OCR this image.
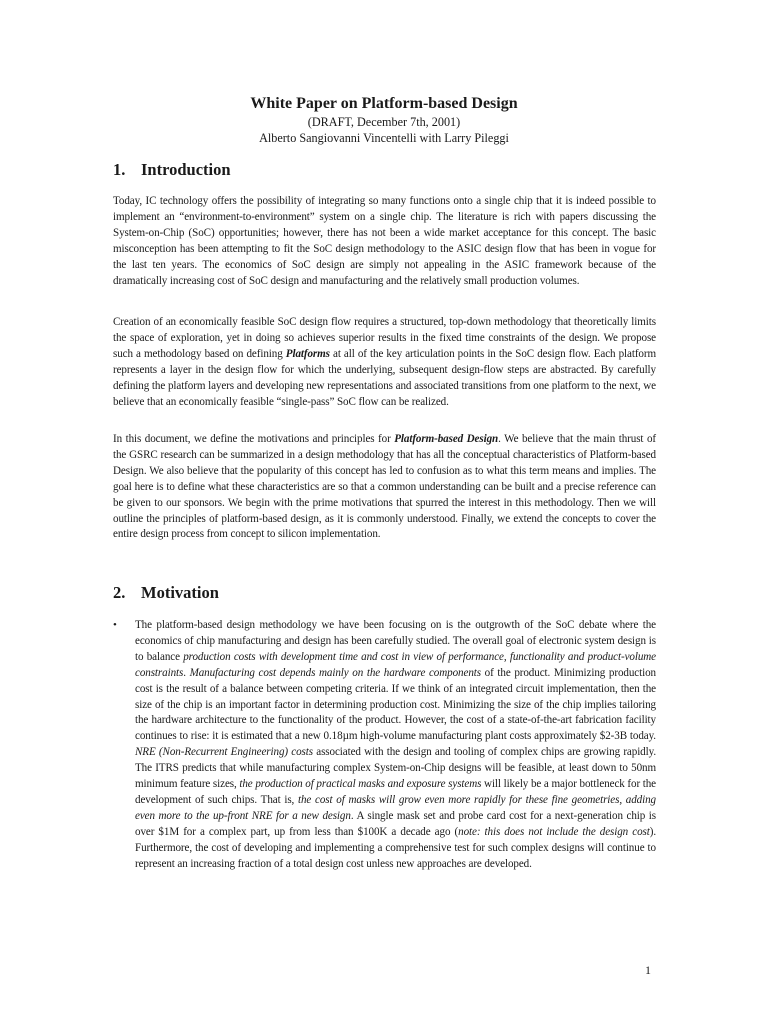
White Paper on Platform-based Design

(DRAFT, December 7th, 2001)

Alberto Sangiovanni Vincentelli with Larry Pileggi

1. Introduction

Today, IC technology offers the possibility of integrating so many functions onto a single chip that it is indeed possible to implement an “environment-to-environment” system on a single chip. The literature is rich with papers discussing the System-on-Chip (SoC) opportunities; however, there has not been a wide market acceptance for this concept. The basic misconception has been attempting to fit the SoC design methodology to the ASIC design flow that has been in vogue for the last ten years. The economics of SoC design are simply not appealing in the ASIC framework because of the dramatically increasing cost of SoC design and manufacturing and the relatively small production volumes.

Creation of an economically feasible SoC design flow requires a structured, top-down methodology that theoretically limits the space of exploration, yet in doing so achieves superior results in the fixed time constraints of the design. We propose such a methodology based on defining Platforms at all of the key articulation points in the SoC design flow. Each platform represents a layer in the design flow for which the underlying, subsequent design-flow steps are abstracted. By carefully defining the platform layers and developing new representations and associated transitions from one platform to the next, we believe that an economically feasible “single-pass” SoC flow can be realized.

In this document, we define the motivations and principles for Platform-based Design. We believe that the main thrust of the GSRC research can be summarized in a design methodology that has all the conceptual characteristics of Platform-based Design. We also believe that the popularity of this concept has led to confusion as to what this term means and implies. The goal here is to define what these characteristics are so that a common understanding can be built and a precise reference can be given to our sponsors. We begin with the prime motivations that spurred the interest in this methodology. Then we will outline the principles of platform-based design, as it is commonly understood. Finally, we extend the concepts to cover the entire design process from concept to silicon implementation.

2. Motivation
• The platform-based design methodology we have been focusing on is the outgrowth of the SoC debate where the economics of chip manufacturing and design has been carefully studied. The overall goal of electronic system design is to balance production costs with development time and cost in view of performance, functionality and product-volume constraints. Manufacturing cost depends mainly on the hardware components of the product. Minimizing production cost is the result of a balance between competing criteria. If we think of an integrated circuit implementation, then the size of the chip is an important factor in determining production cost. Minimizing the size of the chip implies tailoring the hardware architecture to the functionality of the product. However, the cost of a state-of-the-art fabrication facility continues to rise: it is estimated that a new 0.18µm high-volume manufacturing plant costs approximately $2-3B today. NRE (Non-Recurrent Engineering) costs associated with the design and tooling of complex chips are growing rapidly. The ITRS predicts that while manufacturing complex System-on-Chip designs will be feasible, at least down to 50nm minimum feature sizes, the production of practical masks and exposure systems will likely be a major bottleneck for the development of such chips. That is, the cost of masks will grow even more rapidly for these fine geometries, adding even more to the up-front NRE for a new design. A single mask set and probe card cost for a next-generation chip is over $1M for a complex part, up from less than $100K a decade ago (note: this does not include the design cost). Furthermore, the cost of developing and implementing a comprehensive test for such complex designs will continue to represent an increasing fraction of a total design cost unless new approaches are developed.

1
